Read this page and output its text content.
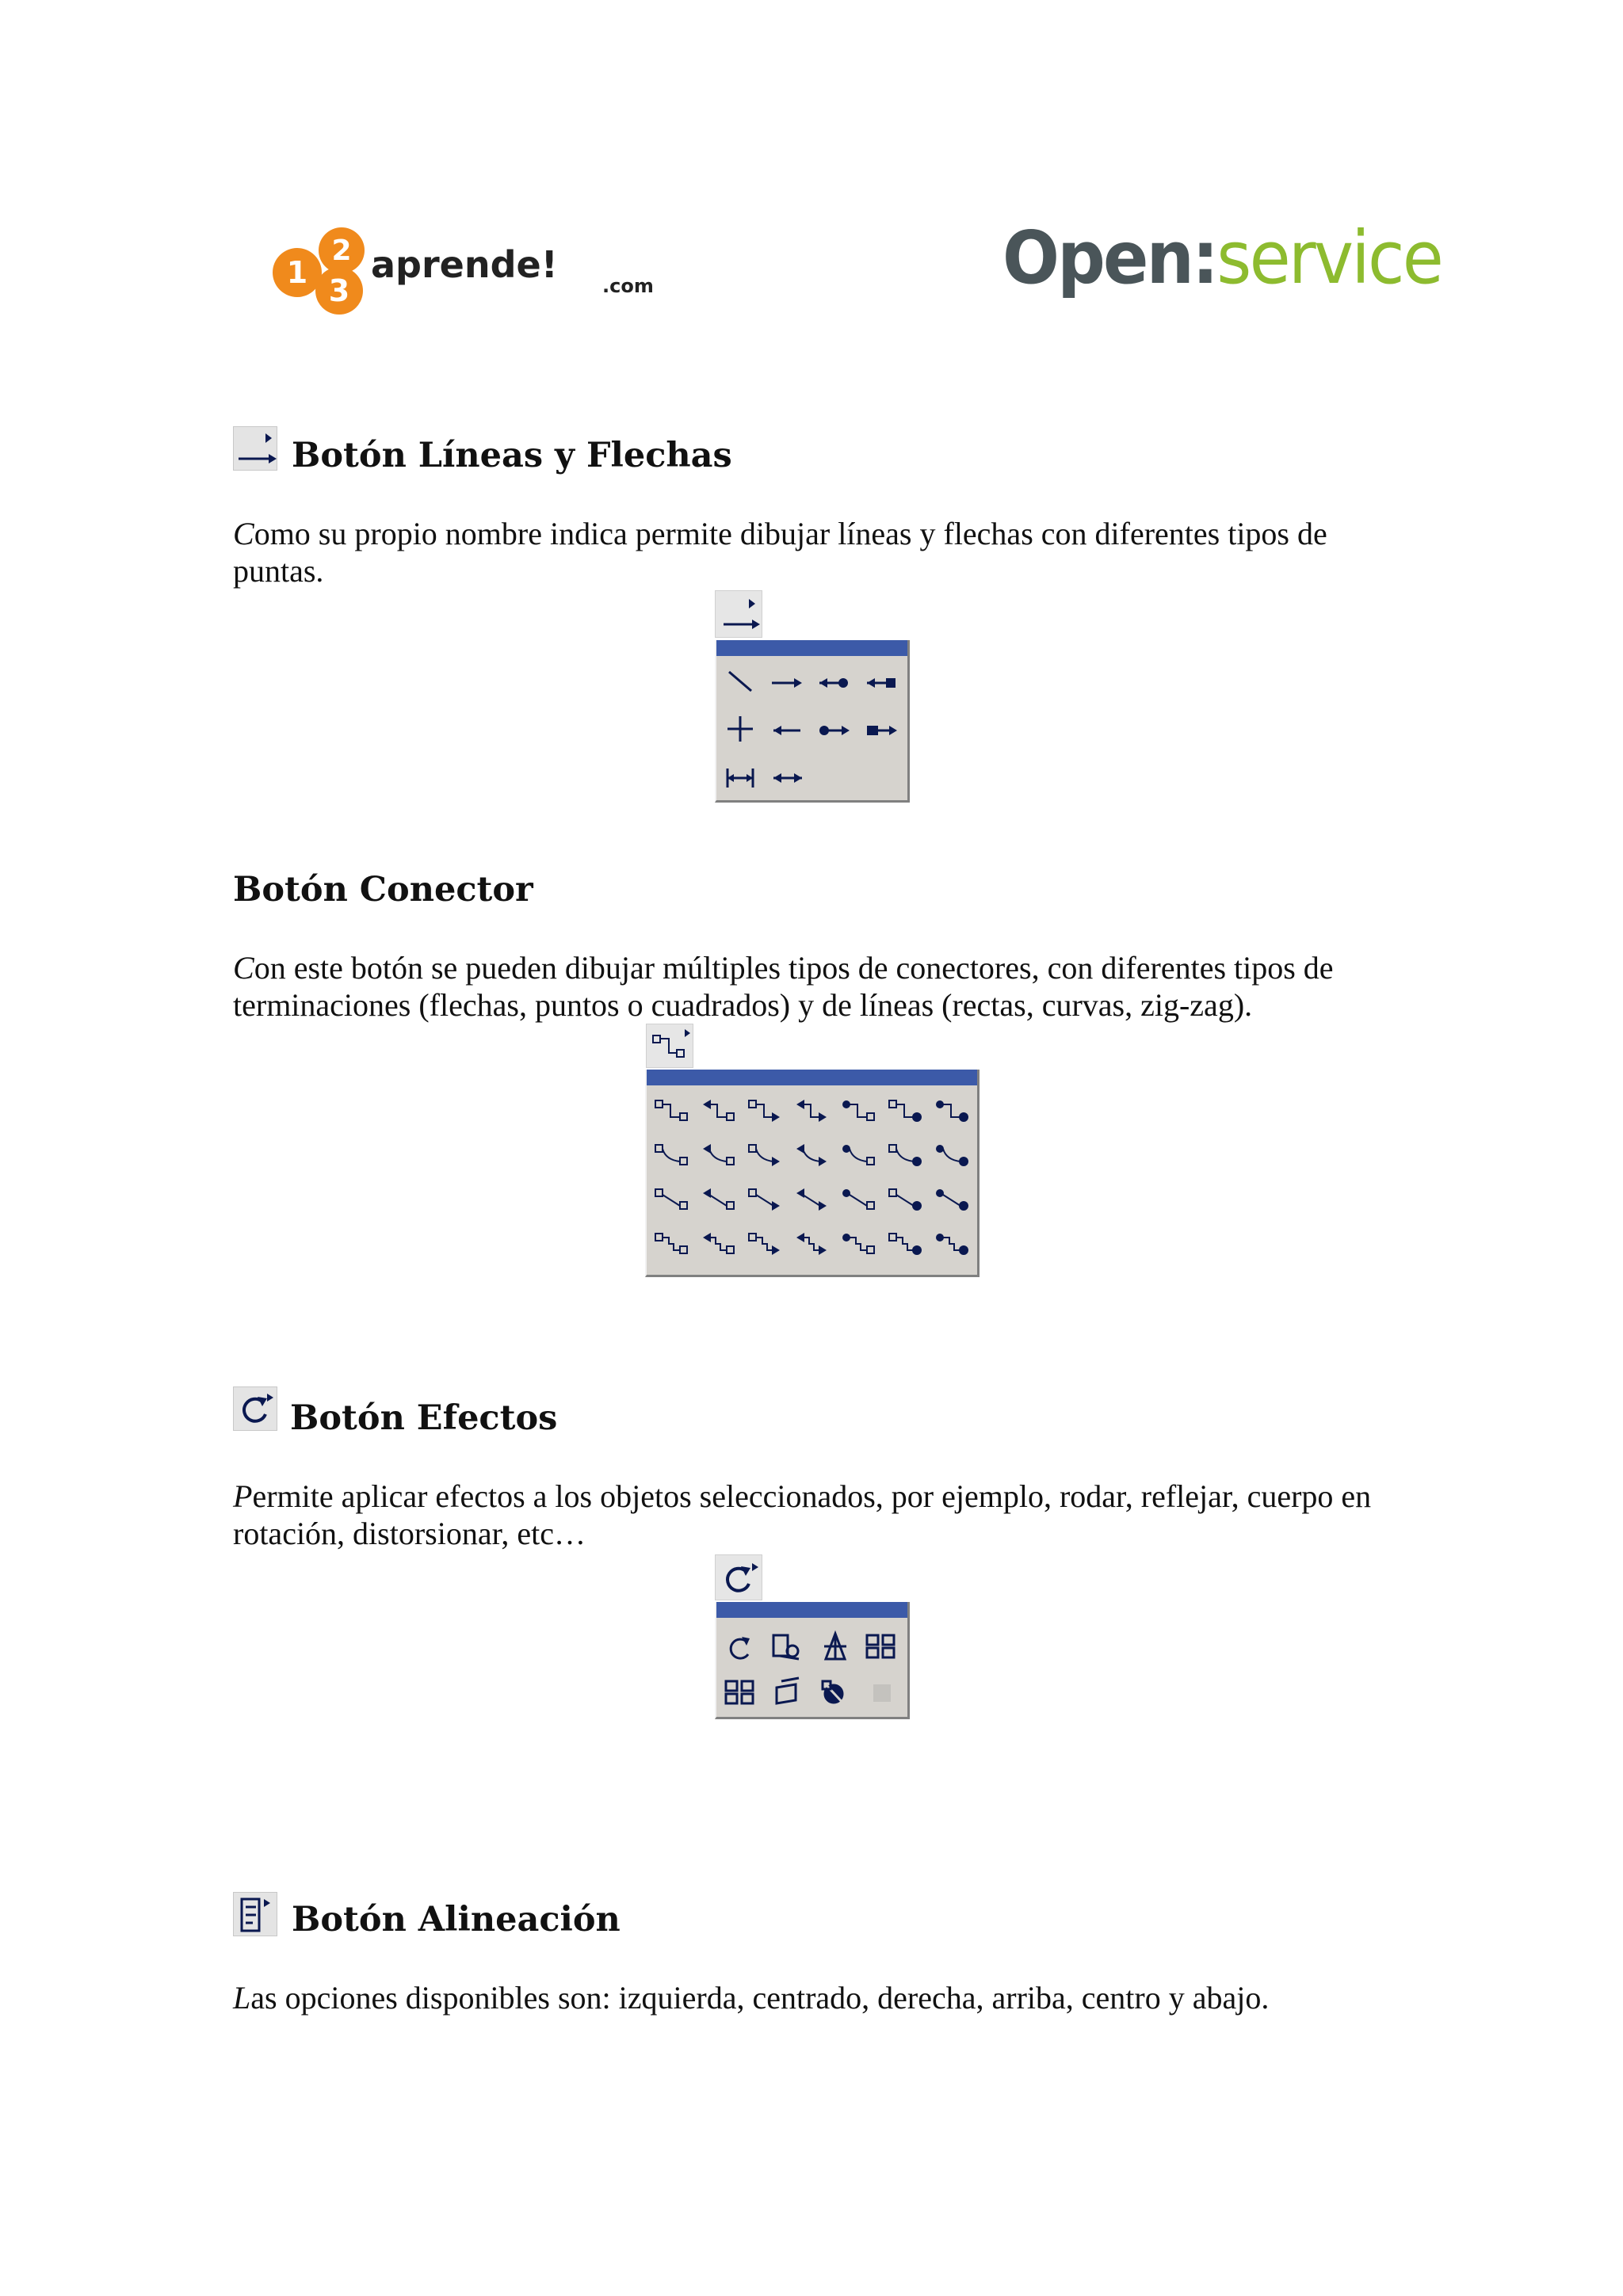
1
2
3
aprende! .com	Open:service
Botón Líneas y Flechas
Como su propio nombre indica permite dibujar líneas y flechas con diferentes tipos de puntas.
Botón Conector
Con este botón se pueden dibujar múltiples tipos de conectores, con diferentes tipos de terminaciones (flechas, puntos o cuadrados) y de líneas (rectas, curvas, zig-zag).
Botón Efectos
Permite aplicar efectos a los objetos seleccionados, por ejemplo, rodar, reflejar, cuerpo en rotación, distorsionar, etc…
Botón Alineación
Las opciones disponibles son: izquierda, centrado, derecha, arriba, centro y abajo.
